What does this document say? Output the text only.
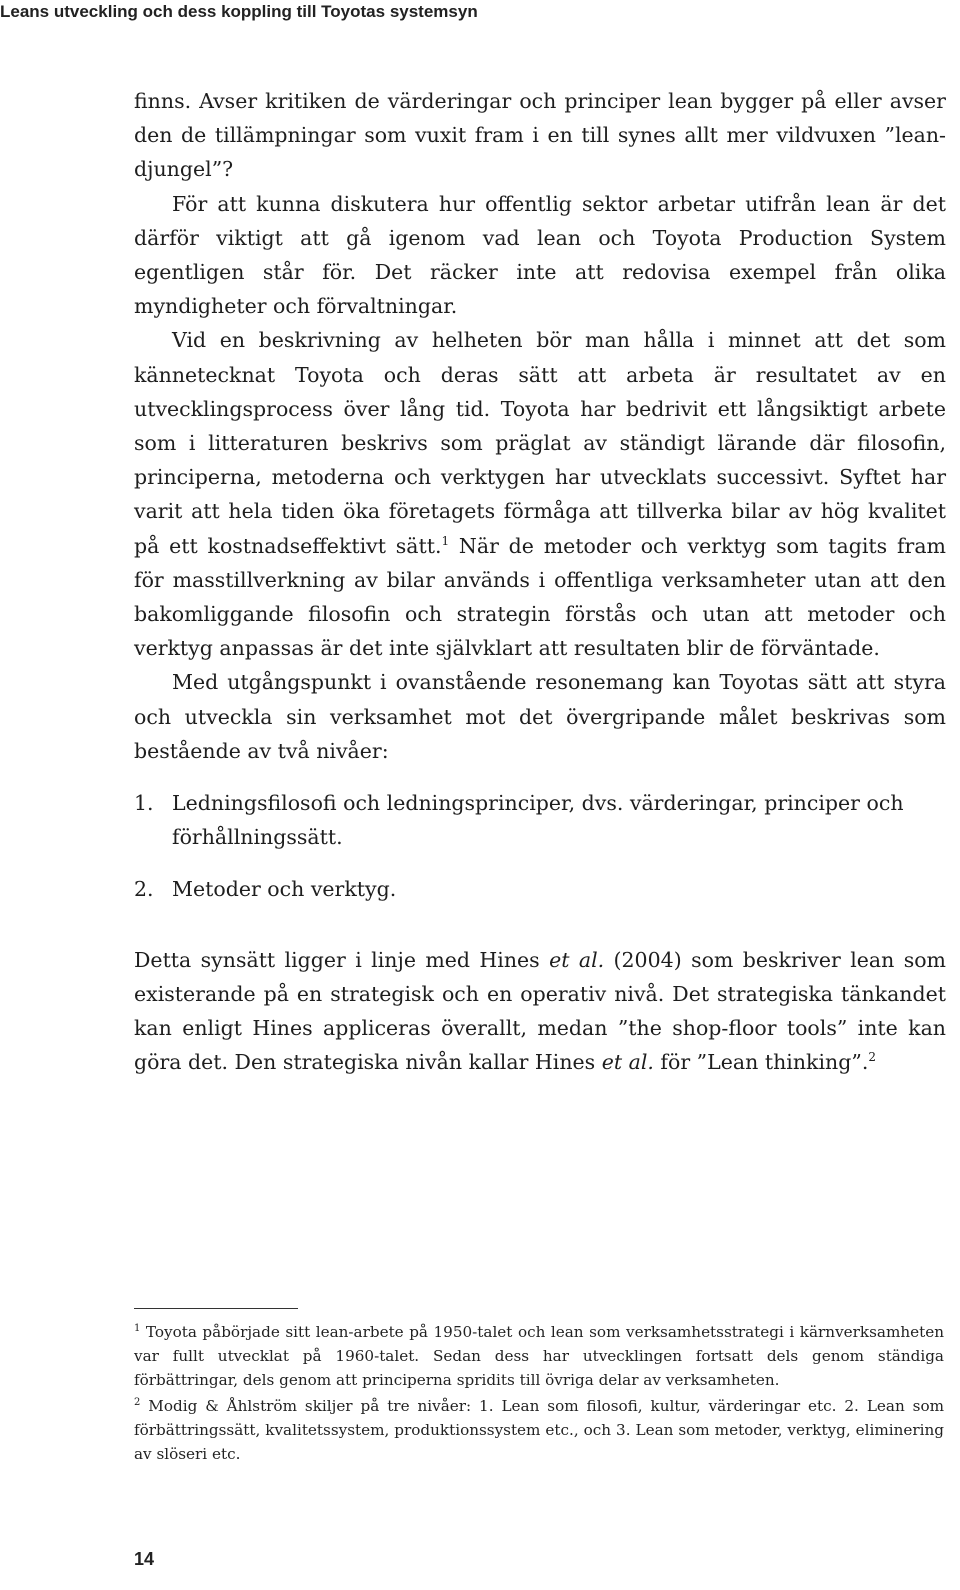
Leans utveckling och dess koppling till Toyotas systemsyn

finns. Avser kritiken de värderingar och principer lean bygger på eller avser den de tillämpningar som vuxit fram i en till synes allt mer vildvuxen ”lean-djungel”?

För att kunna diskutera hur offentlig sektor arbetar utifrån lean är det därför viktigt att gå igenom vad lean och Toyota Production System egentligen står för. Det räcker inte att redovisa exempel från olika myndigheter och förvaltningar.

Vid en beskrivning av helheten bör man hålla i minnet att det som kännetecknat Toyota och deras sätt att arbeta är resultatet av en utvecklingsprocess över lång tid. Toyota har bedrivit ett långsiktigt arbete som i litteraturen beskrivs som präglat av ständigt lärande där filosofin, principerna, metoderna och verktygen har utvecklats successivt. Syftet har varit att hela tiden öka företagets förmåga att tillverka bilar av hög kvalitet på ett kostnadseffektivt sätt.$^1$ När de metoder och verktyg som tagits fram för masstillverkning av bilar används i offentliga verksamheter utan att den bakomliggande filosofin och strategin förstås och utan att metoder och verktyg anpassas är det inte självklart att resultaten blir de förväntade.

Med utgångspunkt i ovanstående resonemang kan Toyotas sätt att styra och utveckla sin verksamhet mot det övergripande målet beskrivas som bestående av två nivåer:

1. Ledningsfilosofi och ledningsprinciper, dvs. värderingar, principer och förhållningssätt.
2. Metoder och verktyg.

Detta synsätt ligger i linje med Hines et al. (2004) som beskriver lean som existerande på en strategisk och en operativ nivå. Det strategiska tänkandet kan enligt Hines appliceras överallt, medan ”the shop-floor tools” inte kan göra det. Den strategiska nivån kallar Hines et al. för ”Lean thinking”.$^2$

$^1$ Toyota påbörjade sitt lean-arbete på 1950-talet och lean som verksamhetsstrategi i kärnverksamheten var fullt utvecklat på 1960-talet. Sedan dess har utvecklingen fortsatt dels genom ständiga förbättringar, dels genom att principerna spridits till övriga delar av verksamheten.

$^2$ Modig & Åhlström skiljer på tre nivåer: 1. Lean som filosofi, kultur, värderingar etc. 2. Lean som förbättringssätt, kvalitetssystem, produktionssystem etc., och 3. Lean som metoder, verktyg, eliminering av slöseri etc.

14
